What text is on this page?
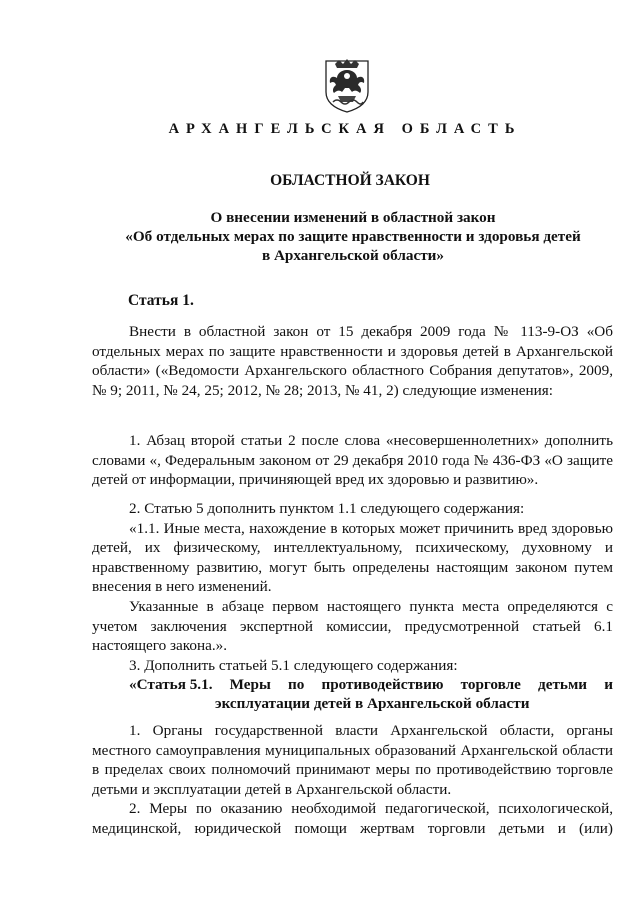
АРХАНГЕЛЬСКАЯ ОБЛАСТЬ
ОБЛАСТНОЙ ЗАКОН
О внесении изменений в областной закон
«Об отдельных мерах по защите нравственности и здоровья детей
в Архангельской области»
Статья 1.

Внести в областной закон от 15 декабря 2009 года № 113-9-ОЗ «Об отдельных мерах по защите нравственности и здоровья детей в Архангельской области» («Ведомости Архангельского областного Собрания депутатов», 2009, № 9; 2011, № 24, 25; 2012, № 28; 2013, № 41, 2) следующие изменения:

1. Абзац второй статьи 2 после слова «несовершеннолетних» дополнить словами «, Федеральным законом от 29 декабря 2010 года № 436-ФЗ «О защите детей от информации, причиняющей вред их здоровью и развитию».

2. Статью 5 дополнить пунктом 1.1 следующего содержания:

«1.1. Иные места, нахождение в которых может причинить вред здоровью детей, их физическому, интеллектуальному, психическому, духовному и нравственному развитию, могут быть определены настоящим законом путем внесения в него изменений.

Указанные в абзаце первом настоящего пункта места определяются с учетом заключения экспертной комиссии, предусмотренной статьей 6.1 настоящего закона.».

3. Дополнить статьей 5.1 следующего содержания:

«Статья 5.1. Меры по противодействию торговле детьми и
эксплуатации детей в Архангельской области

1. Органы государственной власти Архангельской области, органы местного самоуправления муниципальных образований Архангельской области в пределах своих полномочий принимают меры по противодействию торговле детьми и эксплуатации детей в Архангельской области.

2. Меры по оказанию необходимой педагогической, психологической, медицинской, юридической помощи жертвам торговли детьми и (или)
